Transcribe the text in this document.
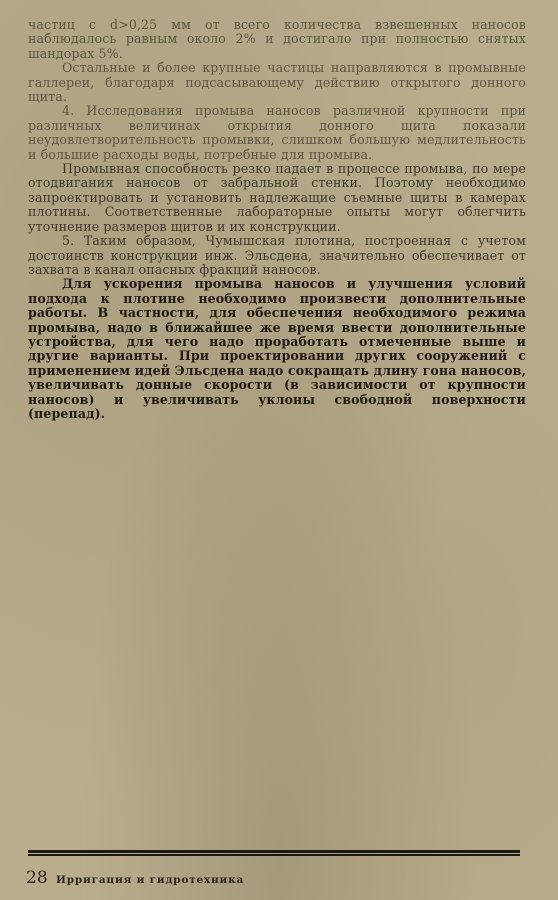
частиц с d>0,25 мм от всего количества взвешенных наносов наблюдалось равным около 2% и достигало при полностью снятых шандорах 5%.

Остальные и более крупные частицы направляются в промывные галлереи, благодаря подсасывающему действию открытого донного щита.

4. Исследования промыва наносов различной крупности при различных величинах открытия донного щита показали неудовлетворительность промывки, слишком большую медлительность и большие расходы воды, потребные для промыва.

Промывная способность резко падает в процессе промыва, по мере отодвигания наносов от забральной стенки. Поэтому необходимо запроектировать и установить надлежащие съемные щиты в камерах плотины. Соответственные лабораторные опыты могут облегчить уточнение размеров щитов и их конструкции.

5. Таким образом, Чумышская плотина, построенная с учетом достоинств конструкции инж. Эльсдена, значительно обеспечивает от захвата в канал опасных фракций наносов.

Для ускорения промыва наносов и улучшения условий подхода к плотине необходимо произвести дополнительные работы. В частности, для обеспечения необходимого режима промыва, надо в ближайшее же время ввести дополнительные устройства, для чего надо проработать отмеченные выше и другие варианты. При проектировании других сооружений с применением идей Эльсдена надо сокращать длину гона наносов, увеличивать донные скорости (в зависимости от крупности наносов) и увеличивать уклоны свободной поверхности (перепад).

28 Ирригация и гидротехника
